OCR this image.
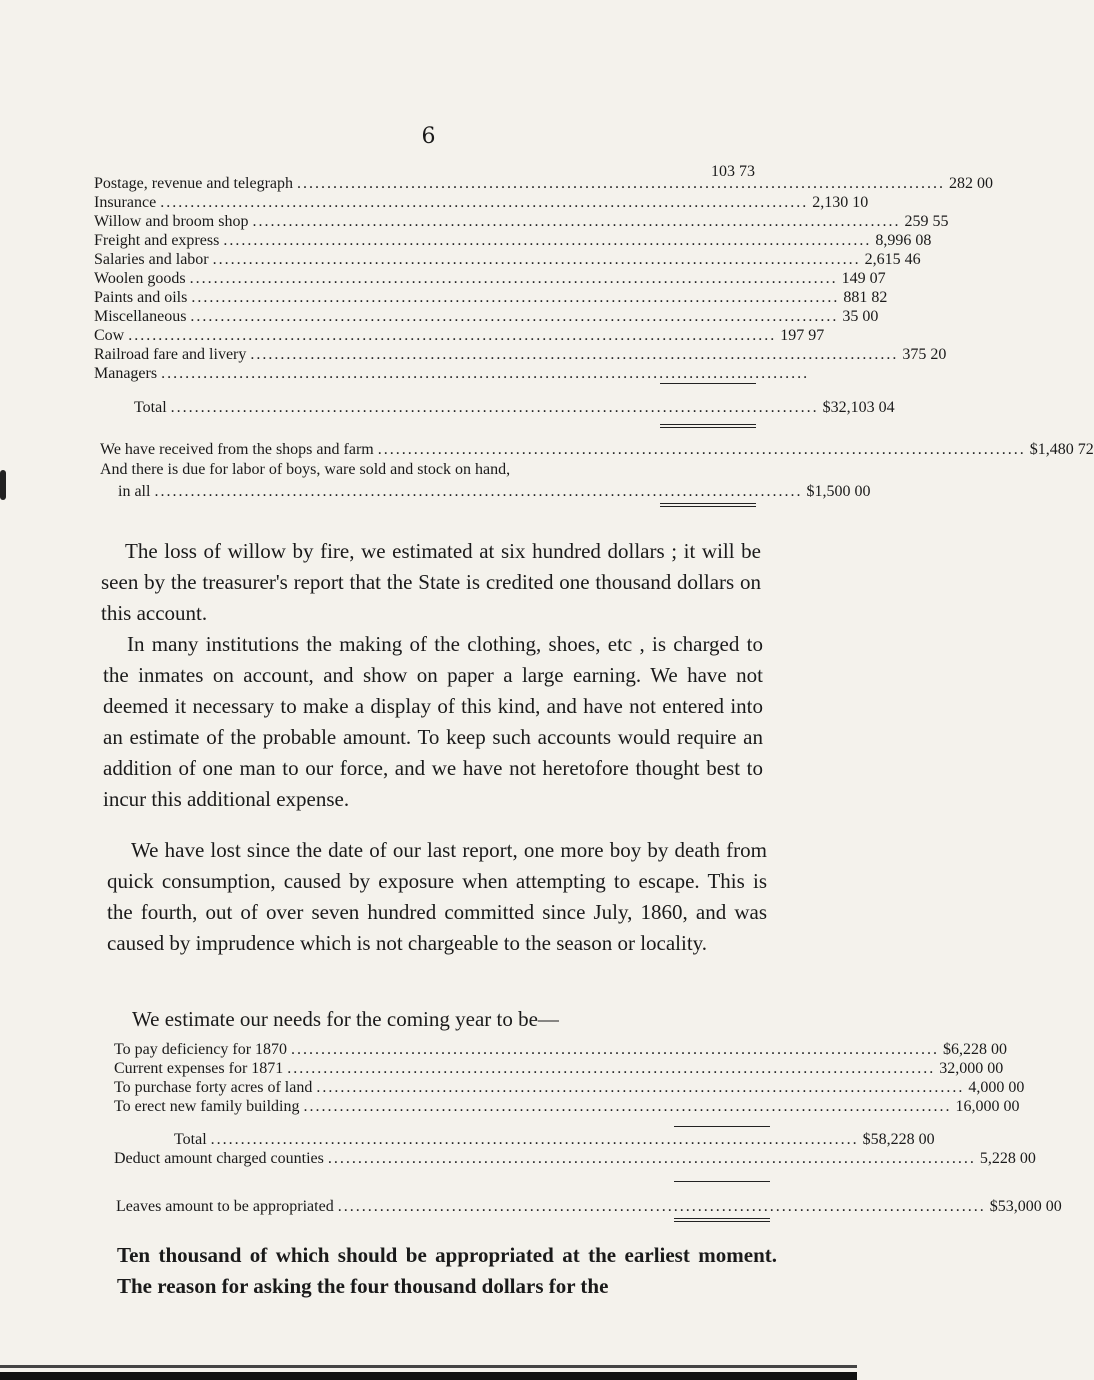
6
103 73
Postage, revenue and telegraph ............................................................................................................ 282 00
Insurance ............................................................................................................ 2,130 10
Willow and broom shop ............................................................................................................ 259 55
Freight and express ............................................................................................................ 8,996 08
Salaries and labor ............................................................................................................ 2,615 46
Woolen goods ............................................................................................................ 149 07
Paints and oils ............................................................................................................ 881 82
Miscellaneous ............................................................................................................ 35 00
Cow ............................................................................................................ 197 97
Railroad fare and livery ............................................................................................................ 375 20
Managers ............................................................................................................
Total ............................................................................................................ $32,103 04
We have received from the shops and farm ............................................................................................................ $1,480 72
And there is due for labor of boys, ware sold and stock on hand,
in all ............................................................................................................ $1,500 00

The loss of willow by fire, we estimated at six hundred dollars ; it will be seen by the treasurer's report that the State is credited one thousand dollars on this account.

In many institutions the making of the clothing, shoes, etc , is charged to the inmates on account, and show on paper a large earning. We have not deemed it necessary to make a display of this kind, and have not entered into an estimate of the probable amount. To keep such accounts would require an addition of one man to our force, and we have not heretofore thought best to incur this additional expense.

We have lost since the date of our last report, one more boy by death from quick consumption, caused by exposure when attempting to escape. This is the fourth, out of over seven hundred committed since July, 1860, and was caused by imprudence which is not chargeable to the season or locality.

We estimate our needs for the coming year to be—

To pay deficiency for 1870 ............................................................................................................ $6,228 00
Current expenses for 1871 ............................................................................................................ 32,000 00
To purchase forty acres of land ............................................................................................................ 4,000 00
To erect new family building ............................................................................................................ 16,000 00
Total ............................................................................................................ $58,228 00
Deduct amount charged counties ............................................................................................................ 5,228 00
Leaves amount to be appropriated ............................................................................................................ $53,000 00

Ten thousand of which should be appropriated at the earliest moment. The reason for asking the four thousand dollars for the
